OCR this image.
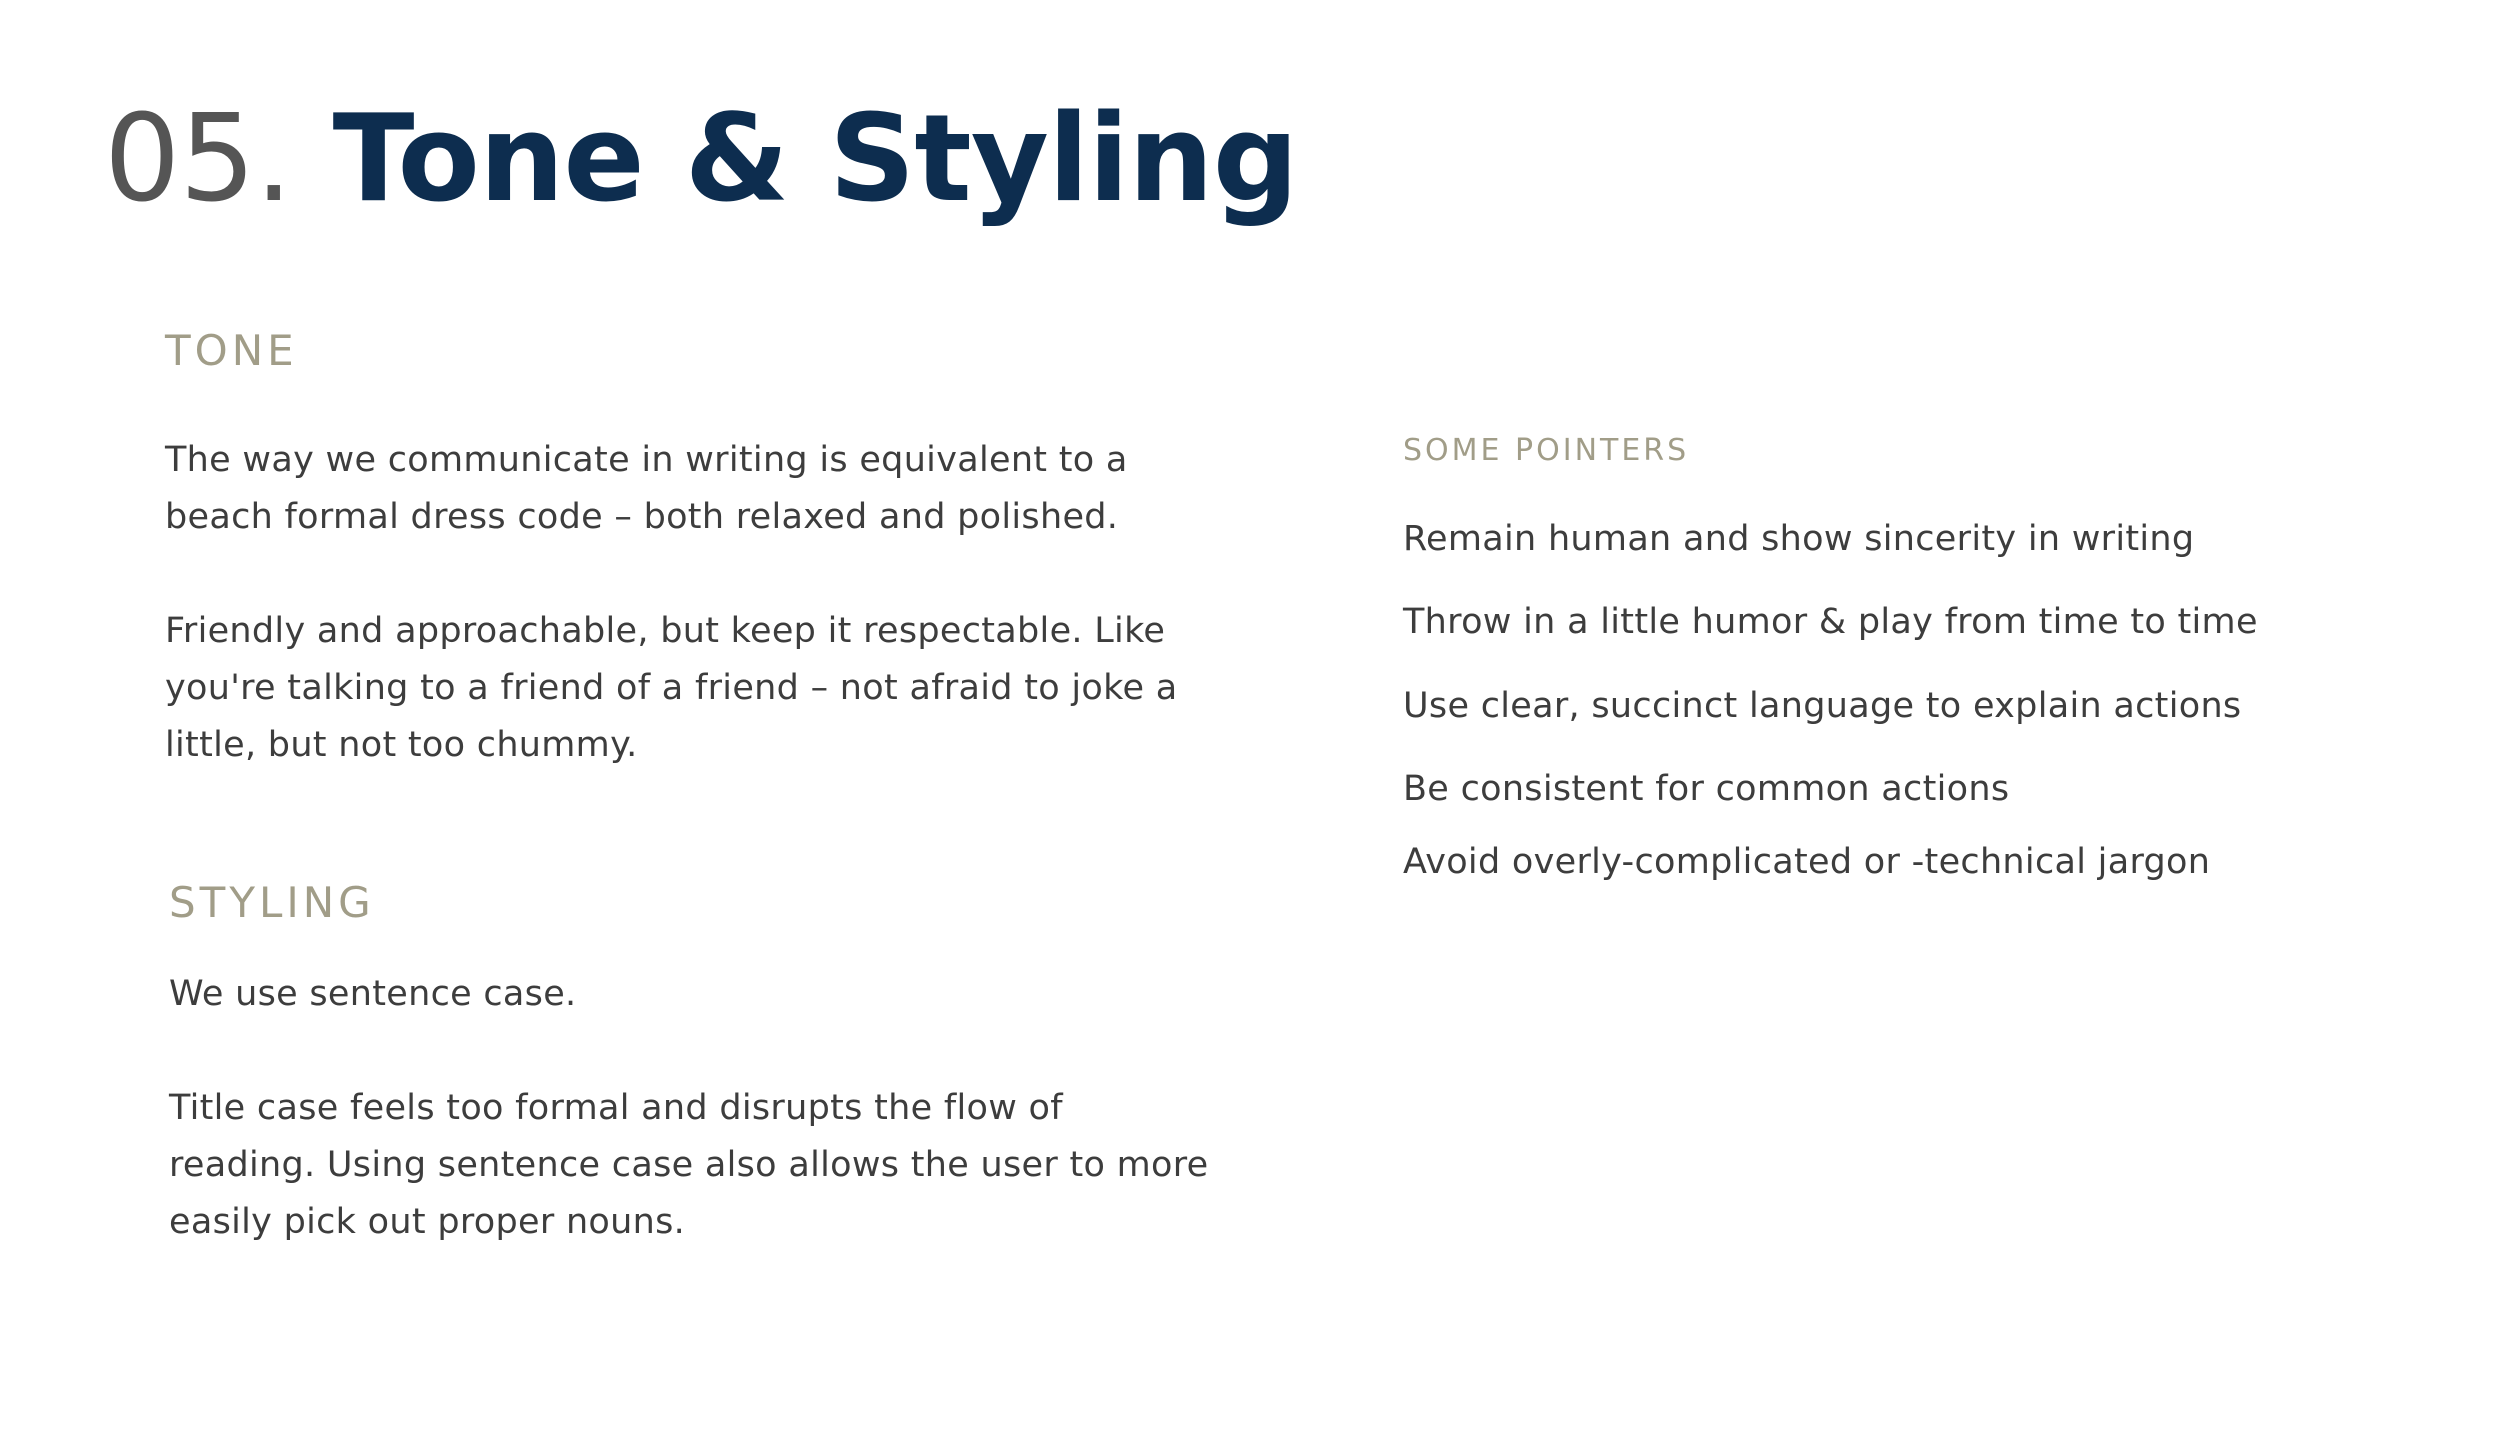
05. Tone & Styling
TONE

The way we communicate in writing is equivalent to a beach formal dress code – both relaxed and polished.

Friendly and approachable, but keep it respectable. Like you're talking to a friend of a friend – not afraid to joke a little, but not too chummy.

STYLING

We use sentence case.

Title case feels too formal and disrupts the flow of reading. Using sentence case also allows the user to more easily pick out proper nouns.

SOME POINTERS

Remain human and show sincerity in writing

Throw in a little humor & play from time to time

Use clear, succinct language to explain actions

Be consistent for common actions

Avoid overly-complicated or -technical jargon
